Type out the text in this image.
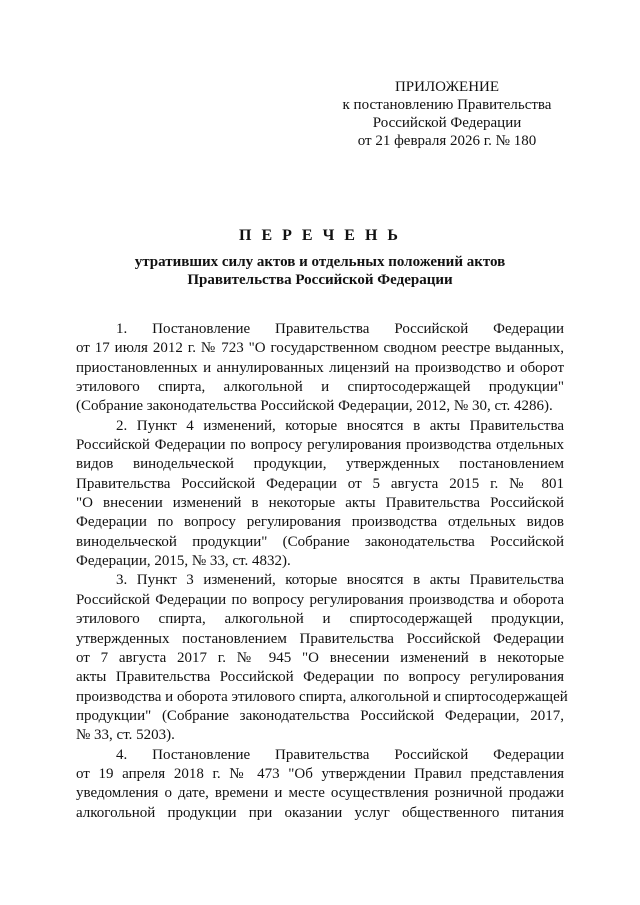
ПРИЛОЖЕНИЕ
к постановлению Правительства
Российской Федерации
от 21 февраля 2026 г. № 180
П Е Р Е Ч Е Н Ь
утративших силу актов и отдельных положений актов
Правительства Российской Федерации
1. Постановление Правительства Российской Федерации
от 17 июля 2012 г. № 723 "О государственном сводном реестре выданных,
приостановленных и аннулированных лицензий на производство и оборот
этилового спирта, алкогольной и спиртосодержащей продукции"
(Собрание законодательства Российской Федерации, 2012, № 30, ст. 4286).
2. Пункт 4 изменений, которые вносятся в акты Правительства
Российской Федерации по вопросу регулирования производства отдельных
видов винодельческой продукции, утвержденных постановлением
Правительства Российской Федерации от 5 августа 2015 г. № 801
"О внесении изменений в некоторые акты Правительства Российской
Федерации по вопросу регулирования производства отдельных видов
винодельческой продукции" (Собрание законодательства Российской
Федерации, 2015, № 33, ст. 4832).
3. Пункт 3 изменений, которые вносятся в акты Правительства
Российской Федерации по вопросу регулирования производства и оборота
этилового спирта, алкогольной и спиртосодержащей продукции,
утвержденных постановлением Правительства Российской Федерации
от 7 августа 2017 г. № 945 "О внесении изменений в некоторые
акты Правительства Российской Федерации по вопросу регулирования
производства и оборота этилового спирта, алкогольной и спиртосодержащей
продукции" (Собрание законодательства Российской Федерации, 2017,
№ 33, ст. 5203).
4. Постановление Правительства Российской Федерации
от 19 апреля 2018 г. № 473 "Об утверждении Правил представления
уведомления о дате, времени и месте осуществления розничной продажи
алкогольной продукции при оказании услуг общественного питания
